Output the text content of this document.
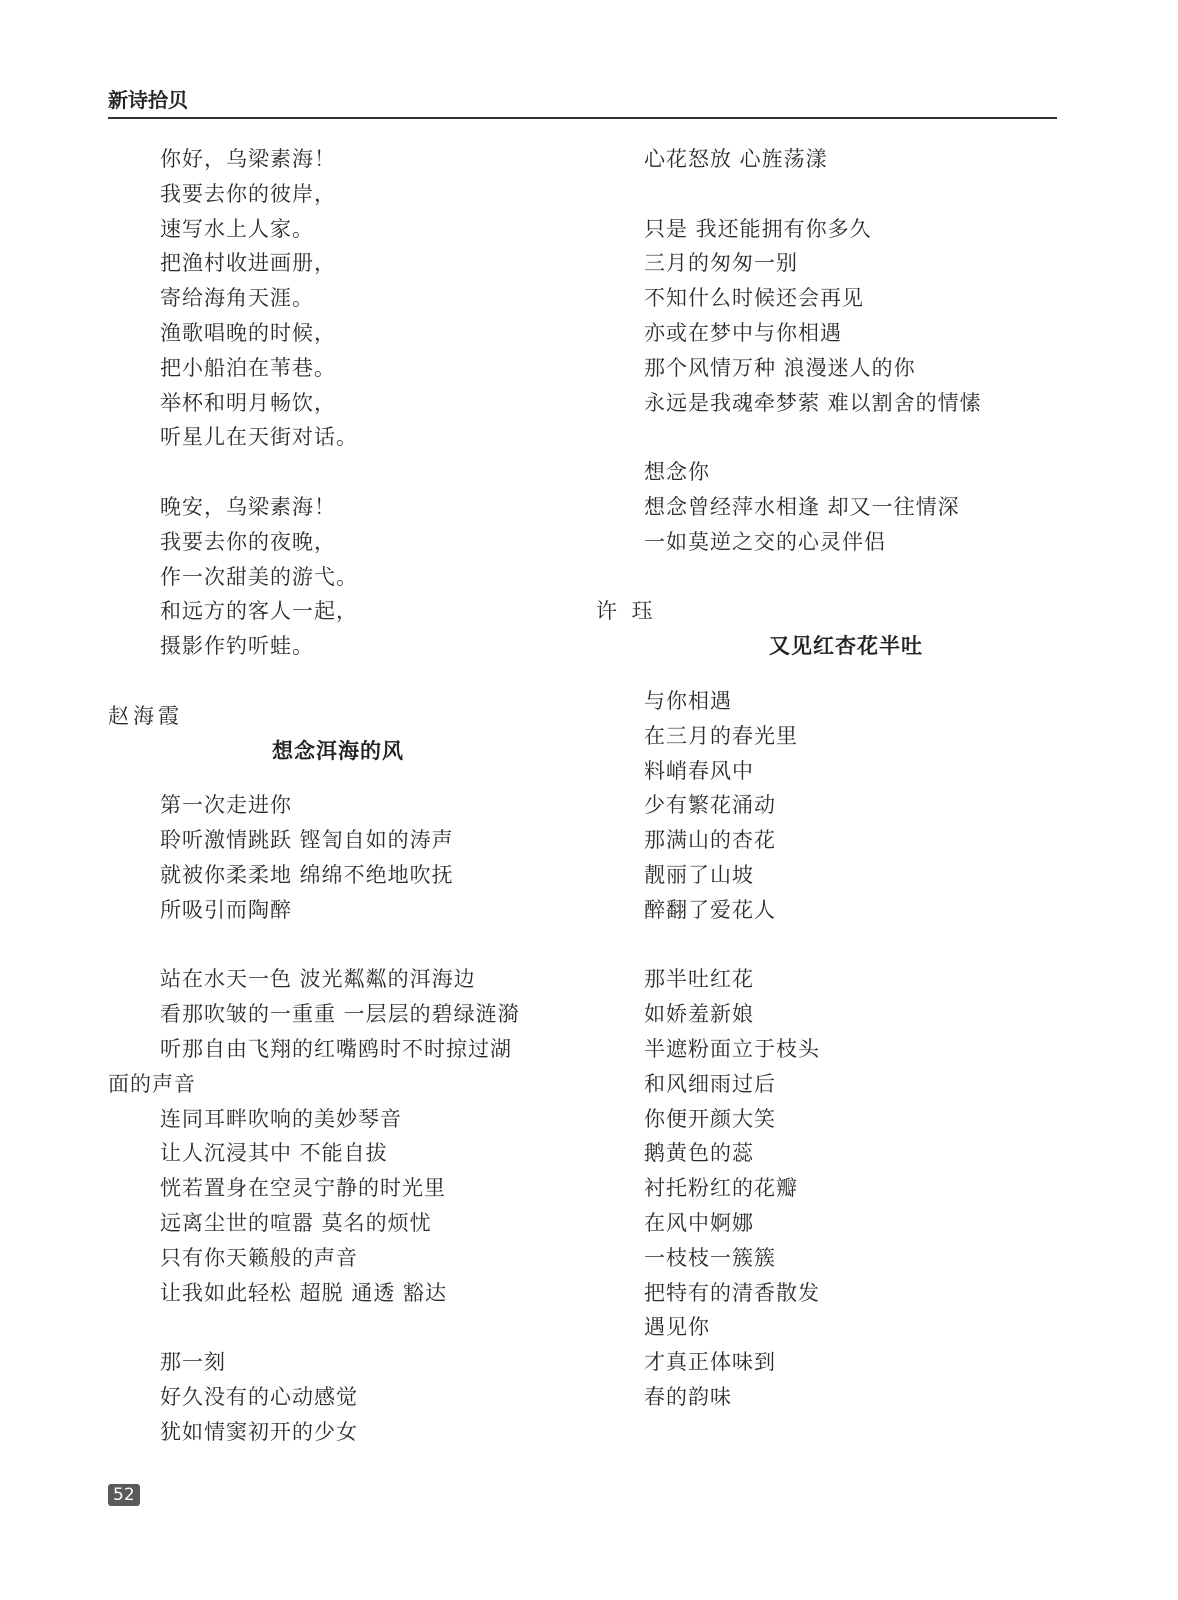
新诗拾贝
你好，乌梁素海！
我要去你的彼岸，
速写水上人家。
把渔村收进画册，
寄给海角天涯。
渔歌唱晚的时候，
把小船泊在苇巷。
举杯和明月畅饮，
听星儿在天街对话。
晚安，乌梁素海！
我要去你的夜晚，
作一次甜美的游弋。
和远方的客人一起，
摄影作钓听蛙。
赵海霞
想念洱海的风
第一次走进你
聆听激情跳跃 铿訇自如的涛声
就被你柔柔地 绵绵不绝地吹抚
所吸引而陶醉
站在水天一色 波光粼粼的洱海边
看那吹皱的一重重 一层层的碧绿涟漪
听那自由飞翔的红嘴鸥时不时掠过湖
面的声音
连同耳畔吹响的美妙琴音
让人沉浸其中 不能自拔
恍若置身在空灵宁静的时光里
远离尘世的喧嚣 莫名的烦忧
只有你天籁般的声音
让我如此轻松 超脱 通透 豁达
那一刻
好久没有的心动感觉
犹如情窦初开的少女
心花怒放 心旌荡漾
只是 我还能拥有你多久
三月的匆匆一别
不知什么时候还会再见
亦或在梦中与你相遇
那个风情万种 浪漫迷人的你
永远是我魂牵梦萦 难以割舍的情愫
想念你
想念曾经萍水相逢 却又一往情深
一如莫逆之交的心灵伴侣
许 珏
又见红杏花半吐
与你相遇
在三月的春光里
料峭春风中
少有繁花涌动
那满山的杏花
靓丽了山坡
醉翻了爱花人
那半吐红花
如娇羞新娘
半遮粉面立于枝头
和风细雨过后
你便开颜大笑
鹅黄色的蕊
衬托粉红的花瓣
在风中婀娜
一枝枝一簇簇
把特有的清香散发
遇见你
才真正体味到
春的韵味
52
